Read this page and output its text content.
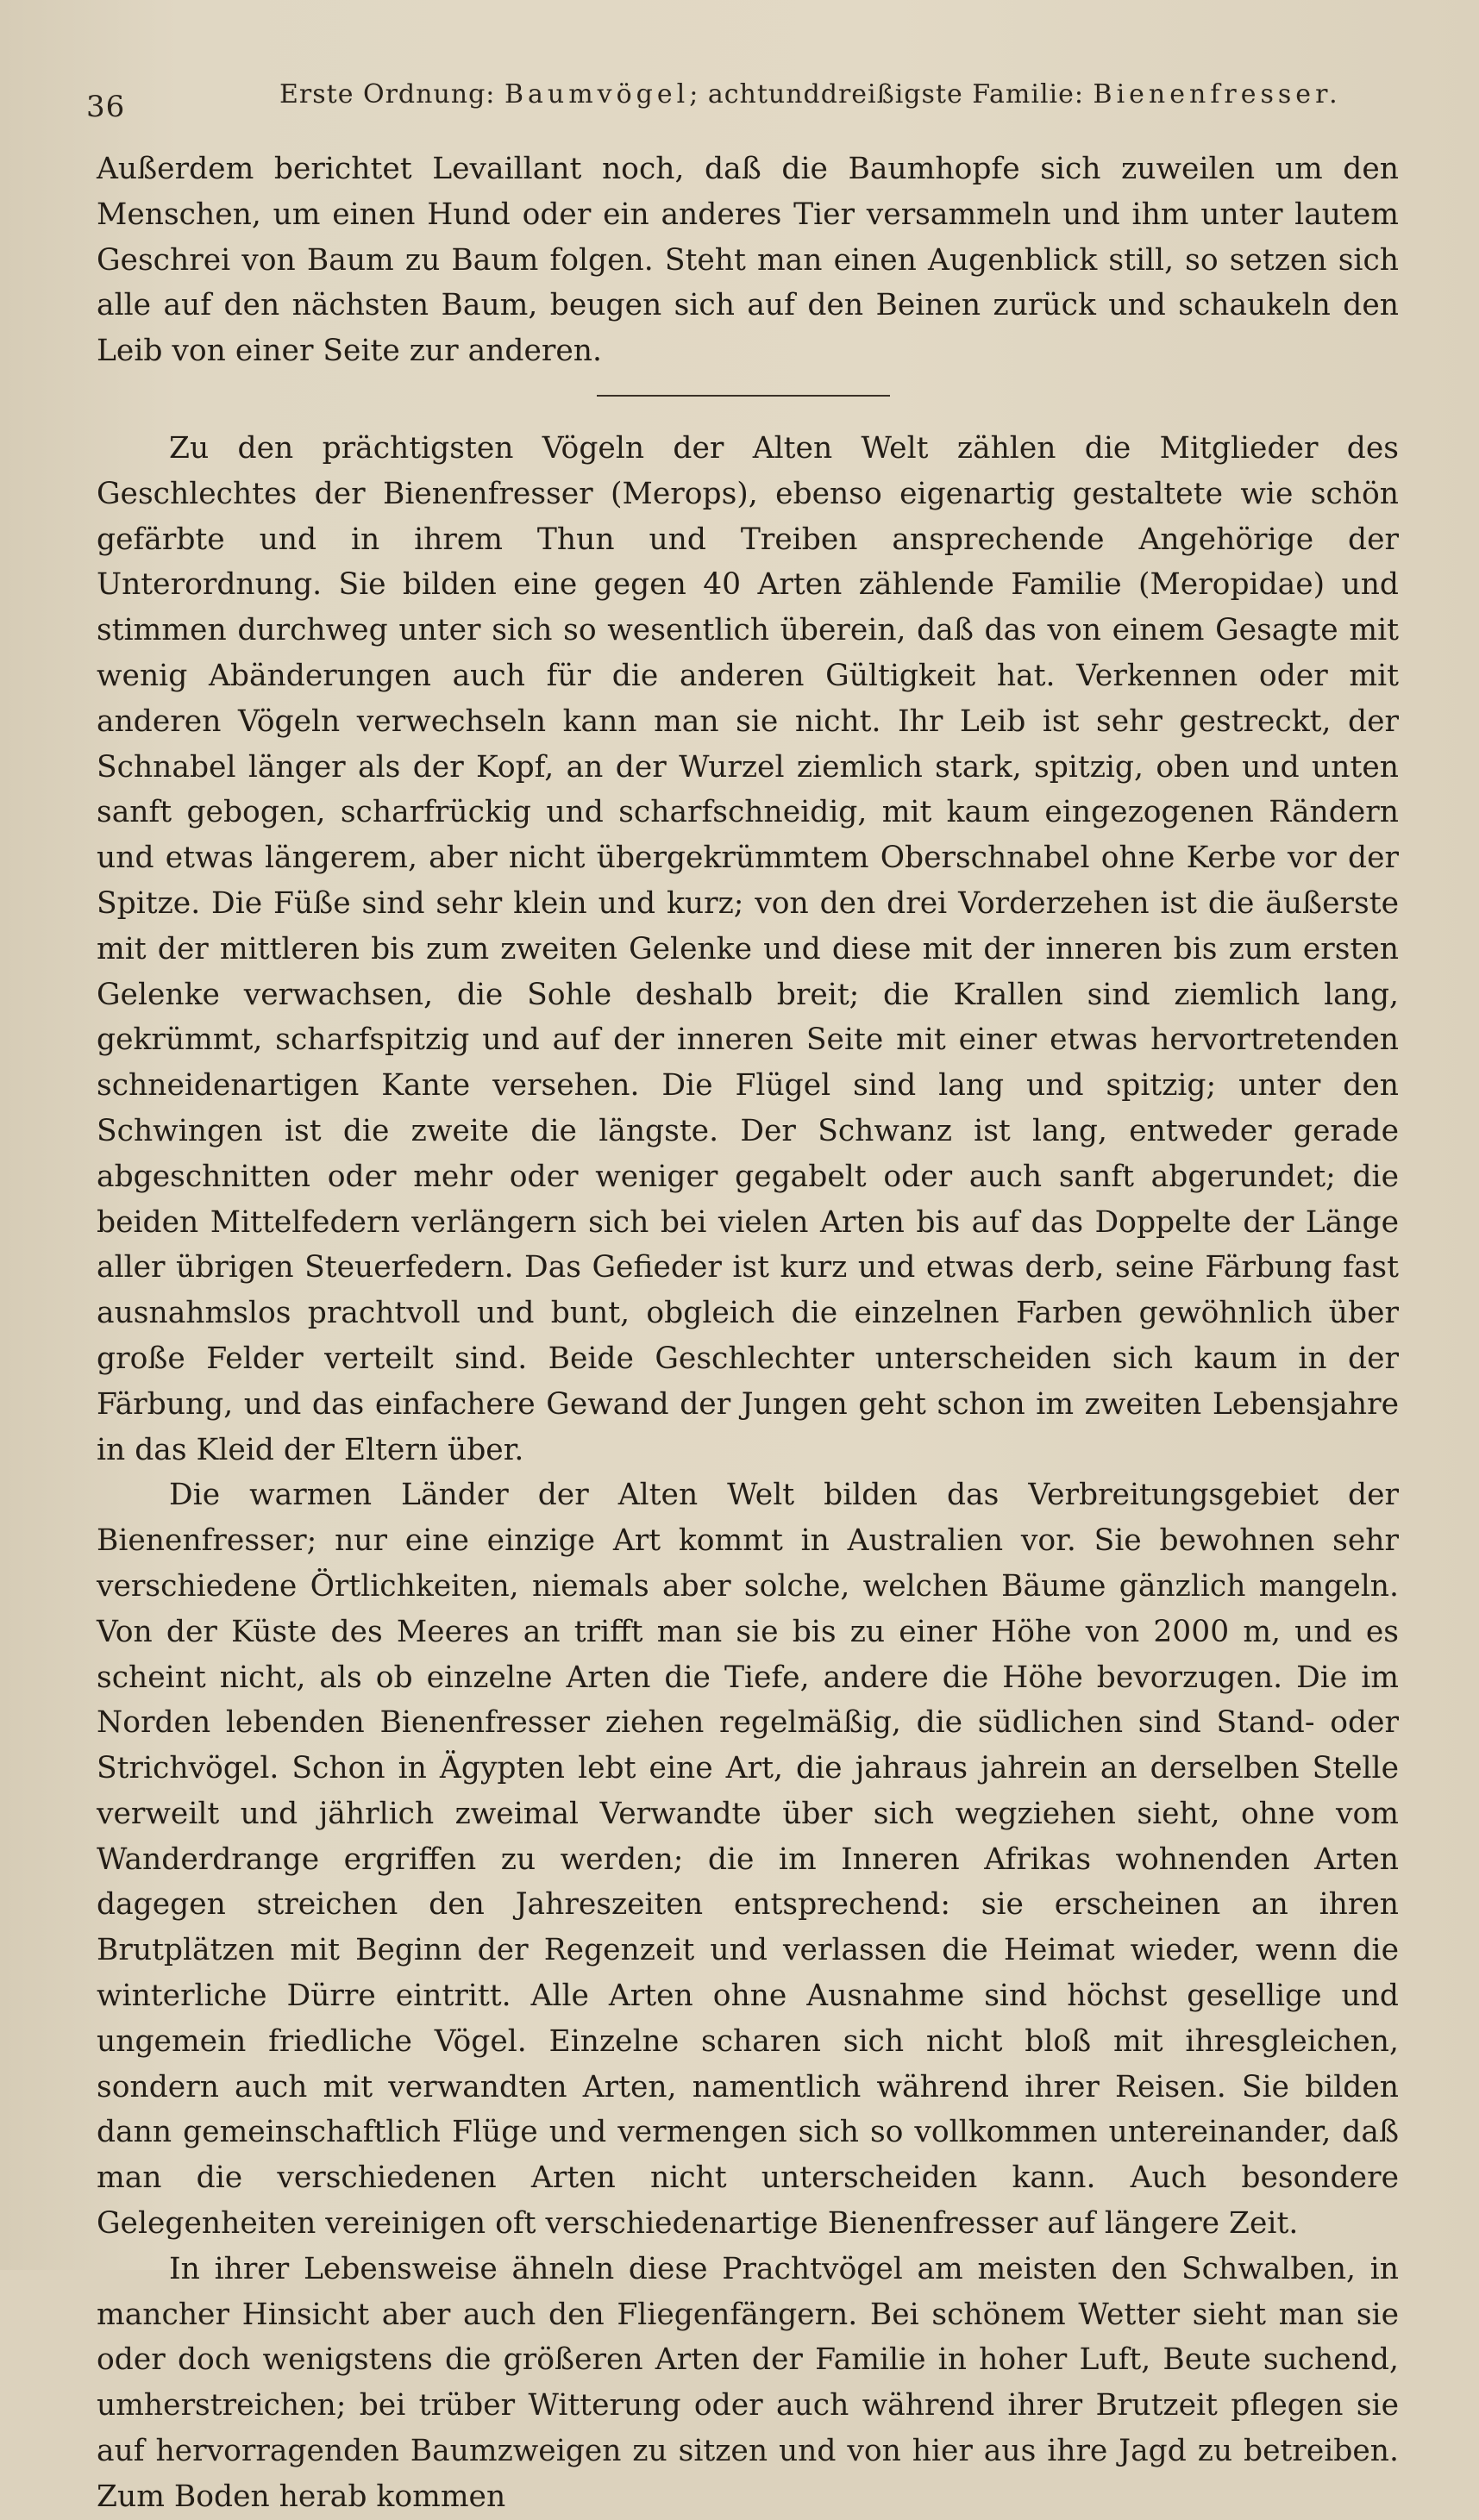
36	Erste Ordnung: Baumvögel; achtunddreißigste Familie: Bienenfresser.

Außerdem berichtet Levaillant noch, daß die Baumhopfe sich zuweilen um den Menschen, um einen Hund oder ein anderes Tier versammeln und ihm unter lautem Geschrei von Baum zu Baum folgen. Steht man einen Augenblick still, so setzen sich alle auf den nächsten Baum, beugen sich auf den Beinen zurück und schaukeln den Leib von einer Seite zur anderen.

Zu den prächtigsten Vögeln der Alten Welt zählen die Mitglieder des Geschlechtes der Bienenfresser (Merops), ebenso eigenartig gestaltete wie schön gefärbte und in ihrem Thun und Treiben ansprechende Angehörige der Unterordnung. Sie bilden eine gegen 40 Arten zählende Familie (Meropidae) und stimmen durchweg unter sich so wesentlich überein, daß das von einem Gesagte mit wenig Abänderungen auch für die anderen Gültigkeit hat. Verkennen oder mit anderen Vögeln verwechseln kann man sie nicht. Ihr Leib ist sehr gestreckt, der Schnabel länger als der Kopf, an der Wurzel ziemlich stark, spitzig, oben und unten sanft gebogen, scharfrückig und scharfschneidig, mit kaum eingezogenen Rändern und etwas längerem, aber nicht übergekrümmtem Oberschnabel ohne Kerbe vor der Spitze. Die Füße sind sehr klein und kurz; von den drei Vorderzehen ist die äußerste mit der mittleren bis zum zweiten Gelenke und diese mit der inneren bis zum ersten Gelenke verwachsen, die Sohle deshalb breit; die Krallen sind ziemlich lang, gekrümmt, scharfspitzig und auf der inneren Seite mit einer etwas hervortretenden schneidenartigen Kante versehen. Die Flügel sind lang und spitzig; unter den Schwingen ist die zweite die längste. Der Schwanz ist lang, entweder gerade abgeschnitten oder mehr oder weniger gegabelt oder auch sanft abgerundet; die beiden Mittelfedern verlängern sich bei vielen Arten bis auf das Doppelte der Länge aller übrigen Steuerfedern. Das Gefieder ist kurz und etwas derb, seine Färbung fast ausnahmslos prachtvoll und bunt, obgleich die einzelnen Farben gewöhnlich über große Felder verteilt sind. Beide Geschlechter unterscheiden sich kaum in der Färbung, und das einfachere Gewand der Jungen geht schon im zweiten Lebensjahre in das Kleid der Eltern über.

Die warmen Länder der Alten Welt bilden das Verbreitungsgebiet der Bienenfresser; nur eine einzige Art kommt in Australien vor. Sie bewohnen sehr verschiedene Örtlichkeiten, niemals aber solche, welchen Bäume gänzlich mangeln. Von der Küste des Meeres an trifft man sie bis zu einer Höhe von 2000 m, und es scheint nicht, als ob einzelne Arten die Tiefe, andere die Höhe bevorzugen. Die im Norden lebenden Bienenfresser ziehen regelmäßig, die südlichen sind Stand- oder Strichvögel. Schon in Ägypten lebt eine Art, die jahraus jahrein an derselben Stelle verweilt und jährlich zweimal Verwandte über sich wegziehen sieht, ohne vom Wanderdrange ergriffen zu werden; die im Inneren Afrikas wohnenden Arten dagegen streichen den Jahreszeiten entsprechend: sie erscheinen an ihren Brutplätzen mit Beginn der Regenzeit und verlassen die Heimat wieder, wenn die winterliche Dürre eintritt. Alle Arten ohne Ausnahme sind höchst gesellige und ungemein friedliche Vögel. Einzelne scharen sich nicht bloß mit ihresgleichen, sondern auch mit verwandten Arten, namentlich während ihrer Reisen. Sie bilden dann gemeinschaftlich Flüge und vermengen sich so vollkommen untereinander, daß man die verschiedenen Arten nicht unterscheiden kann. Auch besondere Gelegenheiten vereinigen oft verschiedenartige Bienenfresser auf längere Zeit.

In ihrer Lebensweise ähneln diese Prachtvögel am meisten den Schwalben, in mancher Hinsicht aber auch den Fliegenfängern. Bei schönem Wetter sieht man sie oder doch wenigstens die größeren Arten der Familie in hoher Luft, Beute suchend, umherstreichen; bei trüber Witterung oder auch während ihrer Brutzeit pflegen sie auf hervorragenden Baumzweigen zu sitzen und von hier aus ihre Jagd zu betreiben. Zum Boden herab kommen
